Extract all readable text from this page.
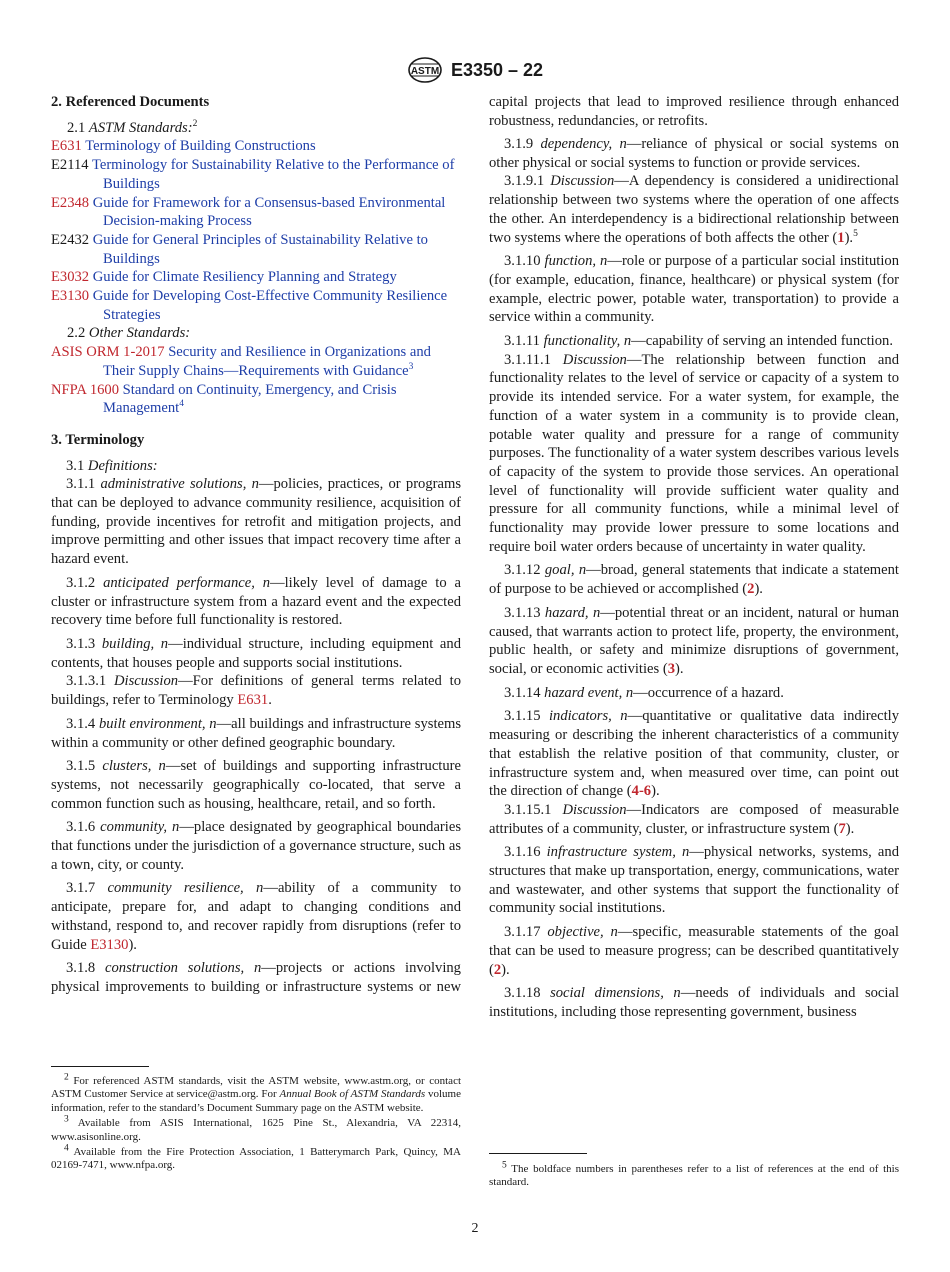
ASTM E3350 – 22
2. Referenced Documents
2.1 ASTM Standards:$^2$
E631 Terminology of Building Constructions
E2114 Terminology for Sustainability Relative to the Performance of Buildings
E2348 Guide for Framework for a Consensus-based Environmental Decision-making Process
E2432 Guide for General Principles of Sustainability Relative to Buildings
E3032 Guide for Climate Resiliency Planning and Strategy
E3130 Guide for Developing Cost-Effective Community Resilience Strategies
2.2 Other Standards:
ASIS ORM 1-2017 Security and Resilience in Organizations and Their Supply Chains—Requirements with Guidance$^3$
NFPA 1600 Standard on Continuity, Emergency, and Crisis Management$^4$
3. Terminology

3.1 Definitions:

3.1.1 administrative solutions, n—policies, practices, or programs that can be deployed to advance community resilience, acquisition of funding, provide incentives for retrofit and mitigation projects, and improve permitting and other issues that impact recovery time after a hazard event.

3.1.2 anticipated performance, n—likely level of damage to a cluster or infrastructure system from a hazard event and the expected recovery time before full functionality is restored.

3.1.3 building, n—individual structure, including equipment and contents, that houses people and supports social institutions.

3.1.3.1 Discussion—For definitions of general terms related to buildings, refer to Terminology E631.

3.1.4 built environment, n—all buildings and infrastructure systems within a community or other defined geographic boundary.

3.1.5 clusters, n—set of buildings and supporting infrastructure systems, not necessarily geographically co-located, that serve a common function such as housing, healthcare, retail, and so forth.

3.1.6 community, n—place designated by geographical boundaries that functions under the jurisdiction of a governance structure, such as a town, city, or county.

3.1.7 community resilience, n—ability of a community to anticipate, prepare for, and adapt to changing conditions and withstand, respond to, and recover rapidly from disruptions (refer to Guide E3130).

3.1.8 construction solutions, n—projects or actions involving physical improvements to building or infrastructure systems or new

$^2$ For referenced ASTM standards, visit the ASTM website, www.astm.org, or contact ASTM Customer Service at service@astm.org. For Annual Book of ASTM Standards volume information, refer to the standard’s Document Summary page on the ASTM website.

$^3$ Available from ASIS International, 1625 Pine St., Alexandria, VA 22314, www.asisonline.org.

$^4$ Available from the Fire Protection Association, 1 Batterymarch Park, Quincy, MA 02169-7471, www.nfpa.org.

capital projects that lead to improved resilience through enhanced robustness, redundancies, or retrofits.

3.1.9 dependency, n—reliance of physical or social systems on other physical or social systems to function or provide services.

3.1.9.1 Discussion—A dependency is considered a unidirectional relationship between two systems where the operation of one affects the other. An interdependency is a bidirectional relationship between two systems where the operations of both affects the other (1).$^5$

3.1.10 function, n—role or purpose of a particular social institution (for example, education, finance, healthcare) or physical system (for example, electric power, potable water, transportation) to provide a service within a community.

3.1.11 functionality, n—capability of serving an intended function.

3.1.11.1 Discussion—The relationship between function and functionality relates to the level of service or capacity of a system to provide its intended service. For a water system, for example, the function of a water system in a community is to provide clean, potable water quality and pressure for a range of community purposes. The functionality of a water system describes various levels of capacity of the system to provide those services. An operational level of functionality will provide sufficient water quality and pressure for all community functions, while a minimal level of functionality may provide lower pressure to some locations and require boil water orders because of uncertainty in water quality.

3.1.12 goal, n—broad, general statements that indicate a statement of purpose to be achieved or accomplished (2).

3.1.13 hazard, n—potential threat or an incident, natural or human caused, that warrants action to protect life, property, the environment, public health, or safety and minimize disruptions of government, social, or economic activities (3).

3.1.14 hazard event, n—occurrence of a hazard.

3.1.15 indicators, n—quantitative or qualitative data indirectly measuring or describing the inherent characteristics of a community that establish the relative position of that community, cluster, or infrastructure system and, when measured over time, can point out the direction of change (4-6).

3.1.15.1 Discussion—Indicators are composed of measurable attributes of a community, cluster, or infrastructure system (7).

3.1.16 infrastructure system, n—physical networks, systems, and structures that make up transportation, energy, communications, water and wastewater, and other systems that support the functionality of community social institutions.

3.1.17 objective, n—specific, measurable statements of the goal that can be used to measure progress; can be described quantitatively (2).

3.1.18 social dimensions, n—needs of individuals and social institutions, including those representing government, business

$^5$ The boldface numbers in parentheses refer to a list of references at the end of this standard.

2
